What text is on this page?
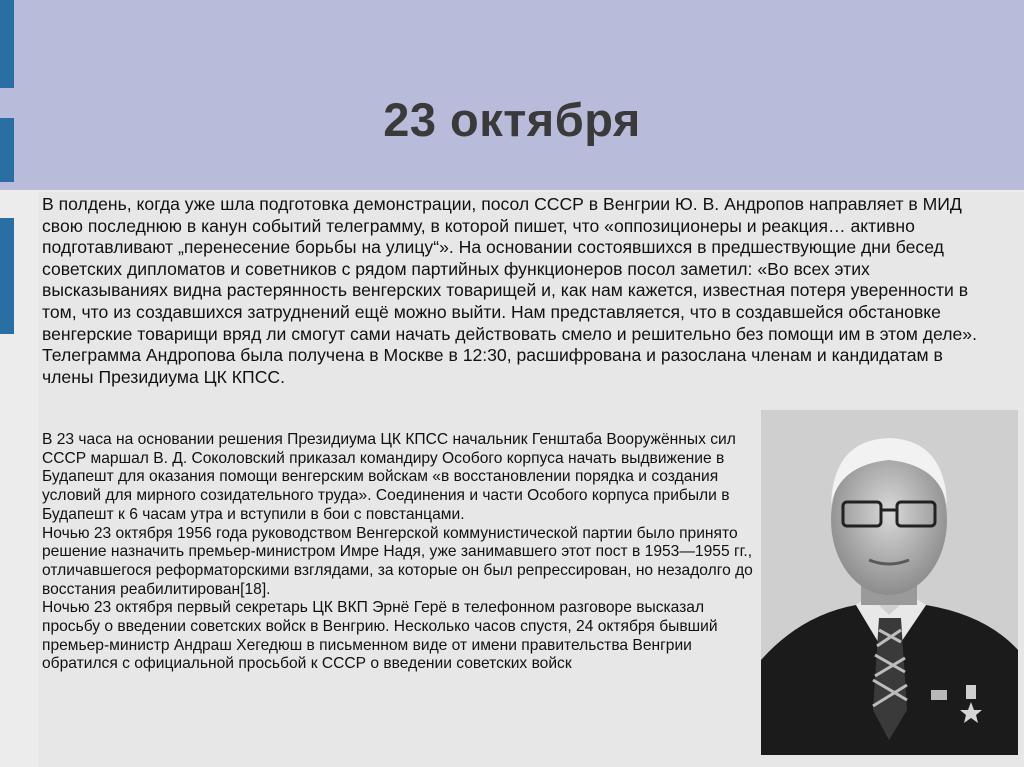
23 октября
В полдень, когда уже шла подготовка демонстрации, посол СССР в Венгрии Ю. В. Андропов направляет в МИД свою последнюю в канун событий телеграмму, в которой пишет, что «оппозиционеры и реакция… активно подготавливают „перенесение борьбы на улицу“». На основании состоявшихся в предшествующие дни бесед советских дипломатов и советников с рядом партийных функционеров посол заметил: «Во всех этих высказываниях видна растерянность венгерских товарищей и, как нам кажется, известная потеря уверенности в том, что из создавшихся затруднений ещё можно выйти. Нам представляется, что в создавшейся обстановке венгерские товарищи вряд ли смогут сами начать действовать смело и решительно без помощи им в этом деле». Телеграмма Андропова была получена в Москве в 12:30, расшифрована и разослана членам и кандидатам в члены Президиума ЦК КПСС.

В 23 часа на основании решения Президиума ЦК КПСС начальник Генштаба Вооружённых сил СССР маршал В. Д. Соколовский приказал командиру Особого корпуса начать выдвижение в Будапешт для оказания помощи венгерским войскам «в восстановлении порядка и создания условий для мирного созидательного труда». Соединения и части Особого корпуса прибыли в Будапешт к 6 часам утра и вступили в бои с повстанцами.

Ночью 23 октября 1956 года руководством Венгерской коммунистической партии было принято решение назначить премьер-министром Имре Надя, уже занимавшего этот пост в 1953—1955 гг., отличавшегося реформаторскими взглядами, за которые он был репрессирован, но незадолго до восстания реабилитирован[18].

Ночью 23 октября первый секретарь ЦК ВКП Эрнё Герё в телефонном разговоре высказал просьбу о введении советских войск в Венгрию. Несколько часов спустя, 24 октября бывший премьер-министр Андраш Хегедюш в письменном виде от имени правительства Венгрии обратился с официальной просьбой к СССР о введении советских войск
